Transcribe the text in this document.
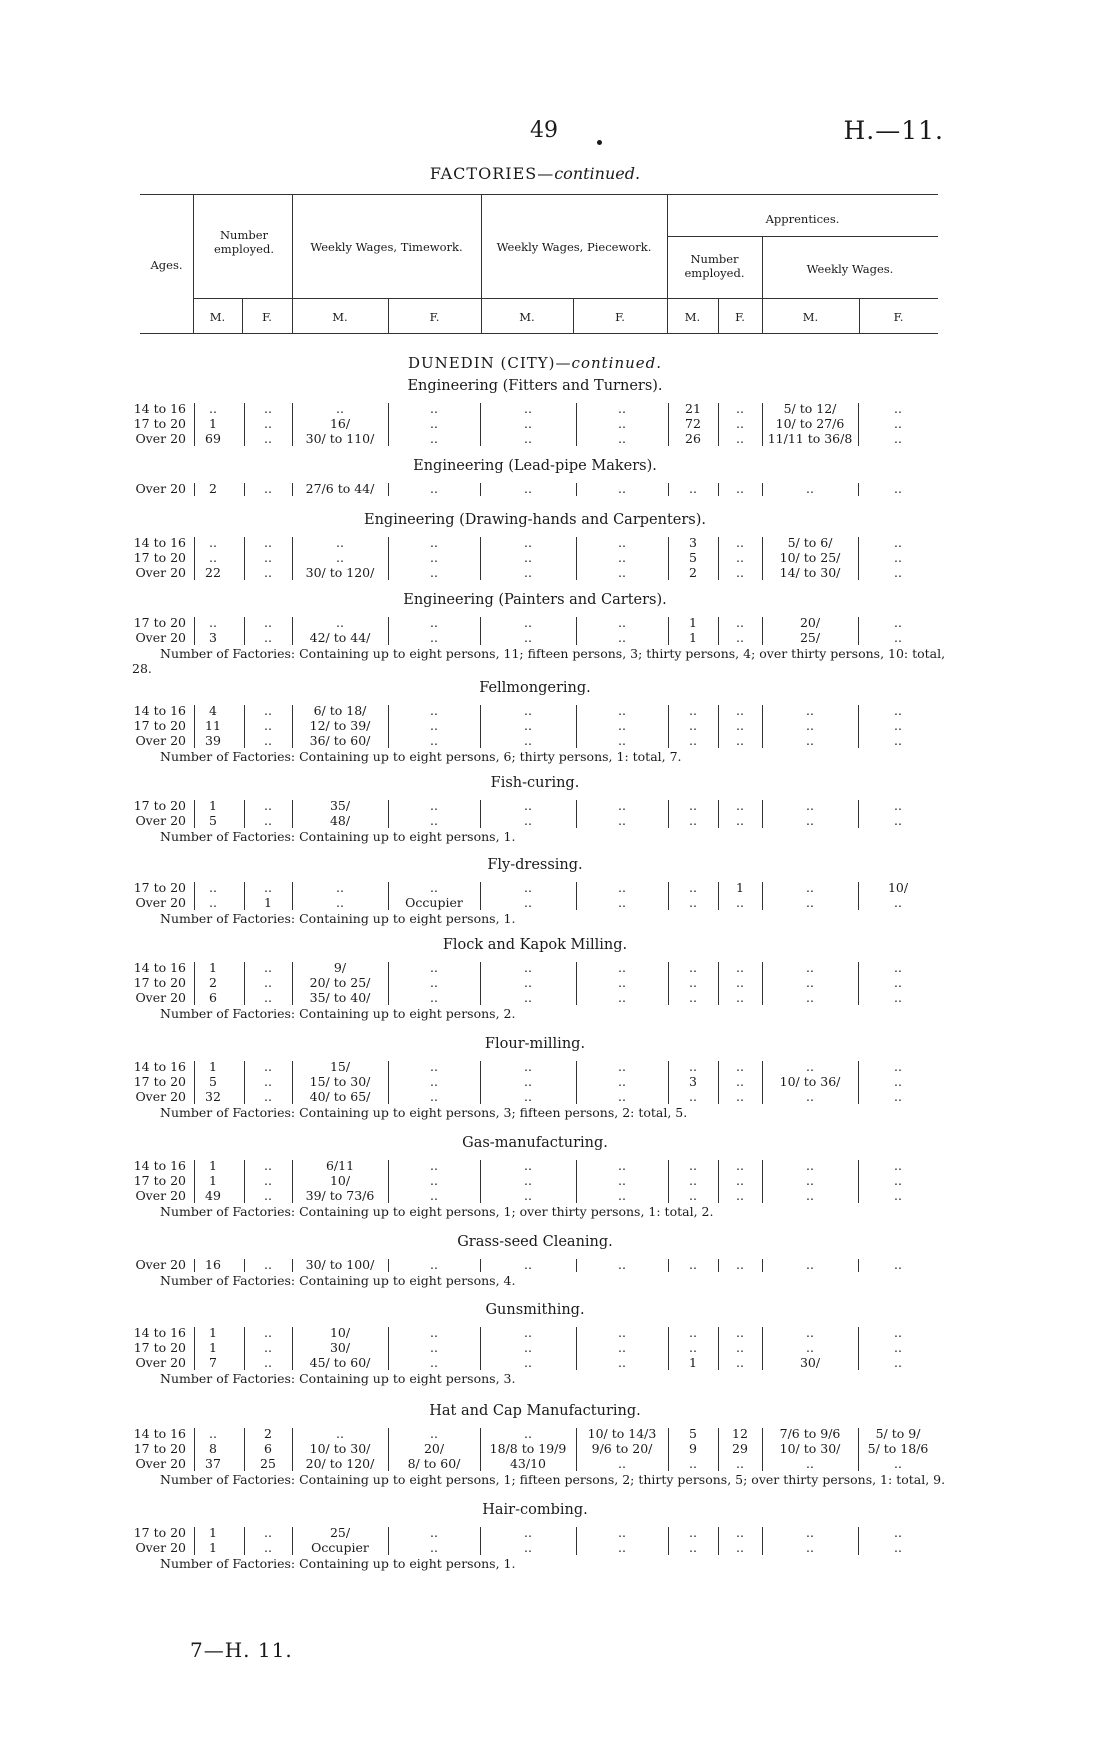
49	H.—11.
FACTORIES—continued.
Ages.
Number employed.	Weekly Wages, Timework.	Weekly Wages, Piecework.
Apprentices.
Number employed.	Weekly Wages.
M.	F.	M.	F.	M.	F.	M.	F.	M.	F.
DUNEDIN (CITY)—continued.
Engineering (Fitters and Turners).
14 to 16	..	..	..	..	..	..	21	..	5/ to 12/	..
17 to 20	1	..	16/	..	..	..	72	..	10/ to 27/6	..
Over 20	69	..	30/ to 110/	..	..	..	26	..	11/11 to 36/8	..
Engineering (Lead-pipe Makers).
Over 20	2	..	27/6 to 44/	..	..	..	..	..	..	..
Engineering (Drawing-hands and Carpenters).
14 to 16	..	..	..	..	..	..	3	..	5/ to 6/	..
17 to 20	..	..	..	..	..	..	5	..	10/ to 25/	..
Over 20	22	..	30/ to 120/	..	..	..	2	..	14/ to 30/	..
Engineering (Painters and Carters).
17 to 20	..	..	..	..	..	..	1	..	20/	..
Over 20	3	..	42/ to 44/	..	..	..	1	..	25/	..
Number of Factories: Containing up to eight persons, 11; fifteen persons, 3; thirty persons, 4; over thirty persons, 10: total, 28.
Fellmongering.
14 to 16	4	..	6/ to 18/	..	..	..	..	..	..	..
17 to 20	11	..	12/ to 39/	..	..	..	..	..	..	..
Over 20	39	..	36/ to 60/	..	..	..	..	..	..	..
Number of Factories: Containing up to eight persons, 6; thirty persons, 1: total, 7.
Fish-curing.
17 to 20	1	..	35/	..	..	..	..	..	..	..
Over 20	5	..	48/	..	..	..	..	..	..	..
Number of Factories: Containing up to eight persons, 1.
Fly-dressing.
17 to 20	..	..	..	..	..	..	..	1	..	10/
Over 20	..	1	..	Occupier	..	..	..	..	..	..
Number of Factories: Containing up to eight persons, 1.
Flock and Kapok Milling.
14 to 16	1	..	9/	..	..	..	..	..	..	..
17 to 20	2	..	20/ to 25/	..	..	..	..	..	..	..
Over 20	6	..	35/ to 40/	..	..	..	..	..	..	..
Number of Factories: Containing up to eight persons, 2.
Flour-milling.
14 to 16	1	..	15/	..	..	..	..	..	..	..
17 to 20	5	..	15/ to 30/	..	..	..	3	..	10/ to 36/	..
Over 20	32	..	40/ to 65/	..	..	..	..	..	..	..
Number of Factories: Containing up to eight persons, 3; fifteen persons, 2: total, 5.
Gas-manufacturing.
14 to 16	1	..	6/11	..	..	..	..	..	..	..
17 to 20	1	..	10/	..	..	..	..	..	..	..
Over 20	49	..	39/ to 73/6	..	..	..	..	..	..	..
Number of Factories: Containing up to eight persons, 1; over thirty persons, 1: total, 2.
Grass-seed Cleaning.
Over 20	16	..	30/ to 100/	..	..	..	..	..	..	..
Number of Factories: Containing up to eight persons, 4.
Gunsmithing.
14 to 16	1	..	10/	..	..	..	..	..	..	..
17 to 20	1	..	30/	..	..	..	..	..	..	..
Over 20	7	..	45/ to 60/	..	..	..	1	..	30/	..
Number of Factories: Containing up to eight persons, 3.
Hat and Cap Manufacturing.
14 to 16	..	2	..	..	..	10/ to 14/3	5	12	7/6 to 9/6	5/ to 9/
17 to 20	8	6	10/ to 30/	20/	18/8 to 19/9	9/6 to 20/	9	29	10/ to 30/	5/ to 18/6
Over 20	37	25	20/ to 120/	8/ to 60/	43/10	..	..	..	..	..
Number of Factories: Containing up to eight persons, 1; fifteen persons, 2; thirty persons, 5; over thirty persons, 1: total, 9.
Hair-combing.
17 to 20	1	..	25/	..	..	..	..	..	..	..
Over 20	1	..	Occupier	..	..	..	..	..	..	..
Number of Factories: Containing up to eight persons, 1.
7—H. 11.
